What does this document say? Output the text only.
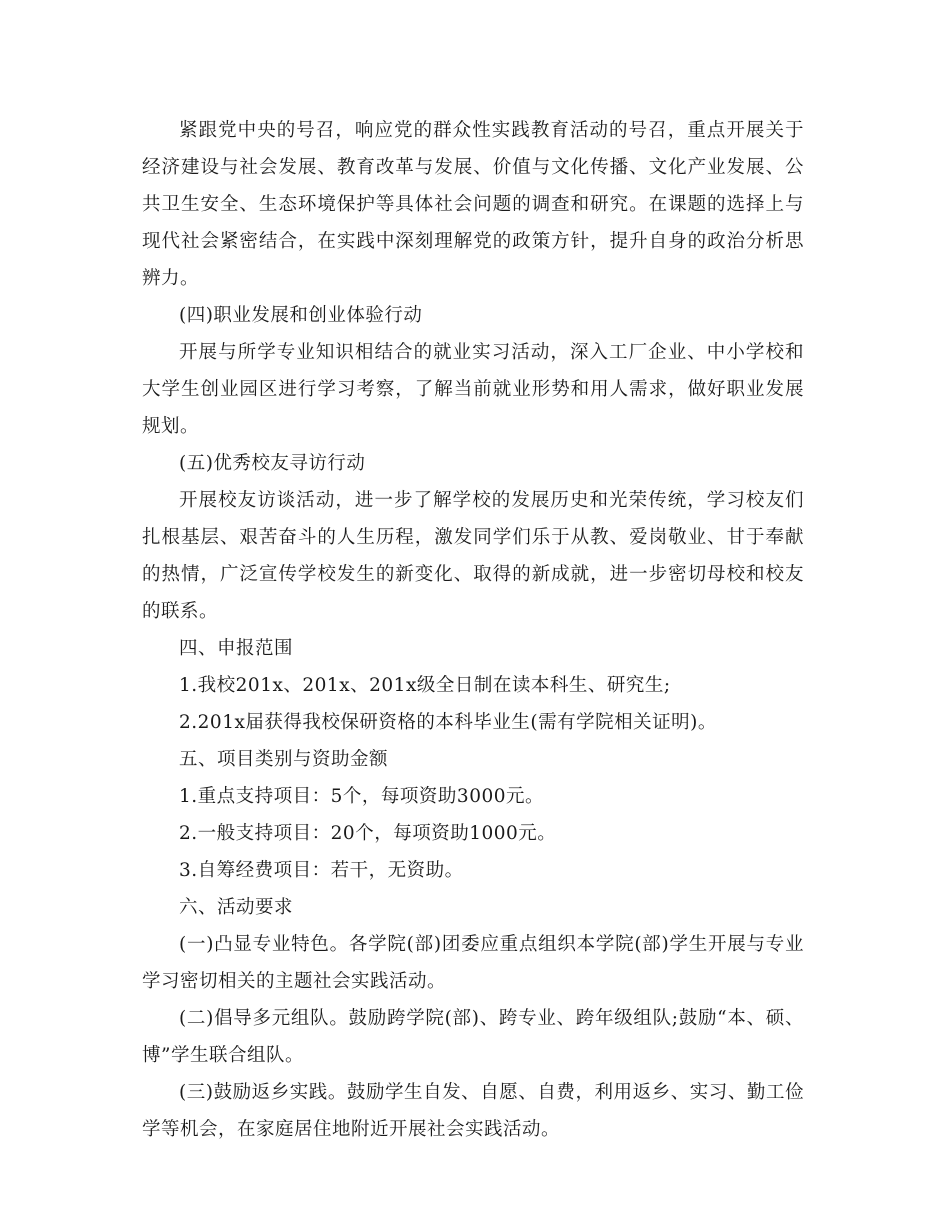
紧跟党中央的号召，响应党的群众性实践教育活动的号召，重点开展关于经济建设与社会发展、教育改革与发展、价值与文化传播、文化产业发展、公共卫生安全、生态环境保护等具体社会问题的调查和研究。在课题的选择上与现代社会紧密结合，在实践中深刻理解党的政策方针，提升自身的政治分析思辨力。

(四)职业发展和创业体验行动

开展与所学专业知识相结合的就业实习活动，深入工厂企业、中小学校和大学生创业园区进行学习考察，了解当前就业形势和用人需求，做好职业发展规划。

(五)优秀校友寻访行动

开展校友访谈活动，进一步了解学校的发展历史和光荣传统，学习校友们扎根基层、艰苦奋斗的人生历程，激发同学们乐于从教、爱岗敬业、甘于奉献的热情，广泛宣传学校发生的新变化、取得的新成就，进一步密切母校和校友的联系。

四、申报范围

1.我校201x、201x、201x级全日制在读本科生、研究生;

2.201x届获得我校保研资格的本科毕业生(需有学院相关证明)。

五、项目类别与资助金额

1.重点支持项目：5个，每项资助3000元。

2.一般支持项目：20个，每项资助1000元。

3.自筹经费项目：若干，无资助。

六、活动要求

(一)凸显专业特色。各学院(部)团委应重点组织本学院(部)学生开展与专业学习密切相关的主题社会实践活动。

(二)倡导多元组队。鼓励跨学院(部)、跨专业、跨年级组队;鼓励“本、硕、博”学生联合组队。

(三)鼓励返乡实践。鼓励学生自发、自愿、自费，利用返乡、实习、勤工俭学等机会，在家庭居住地附近开展社会实践活动。
